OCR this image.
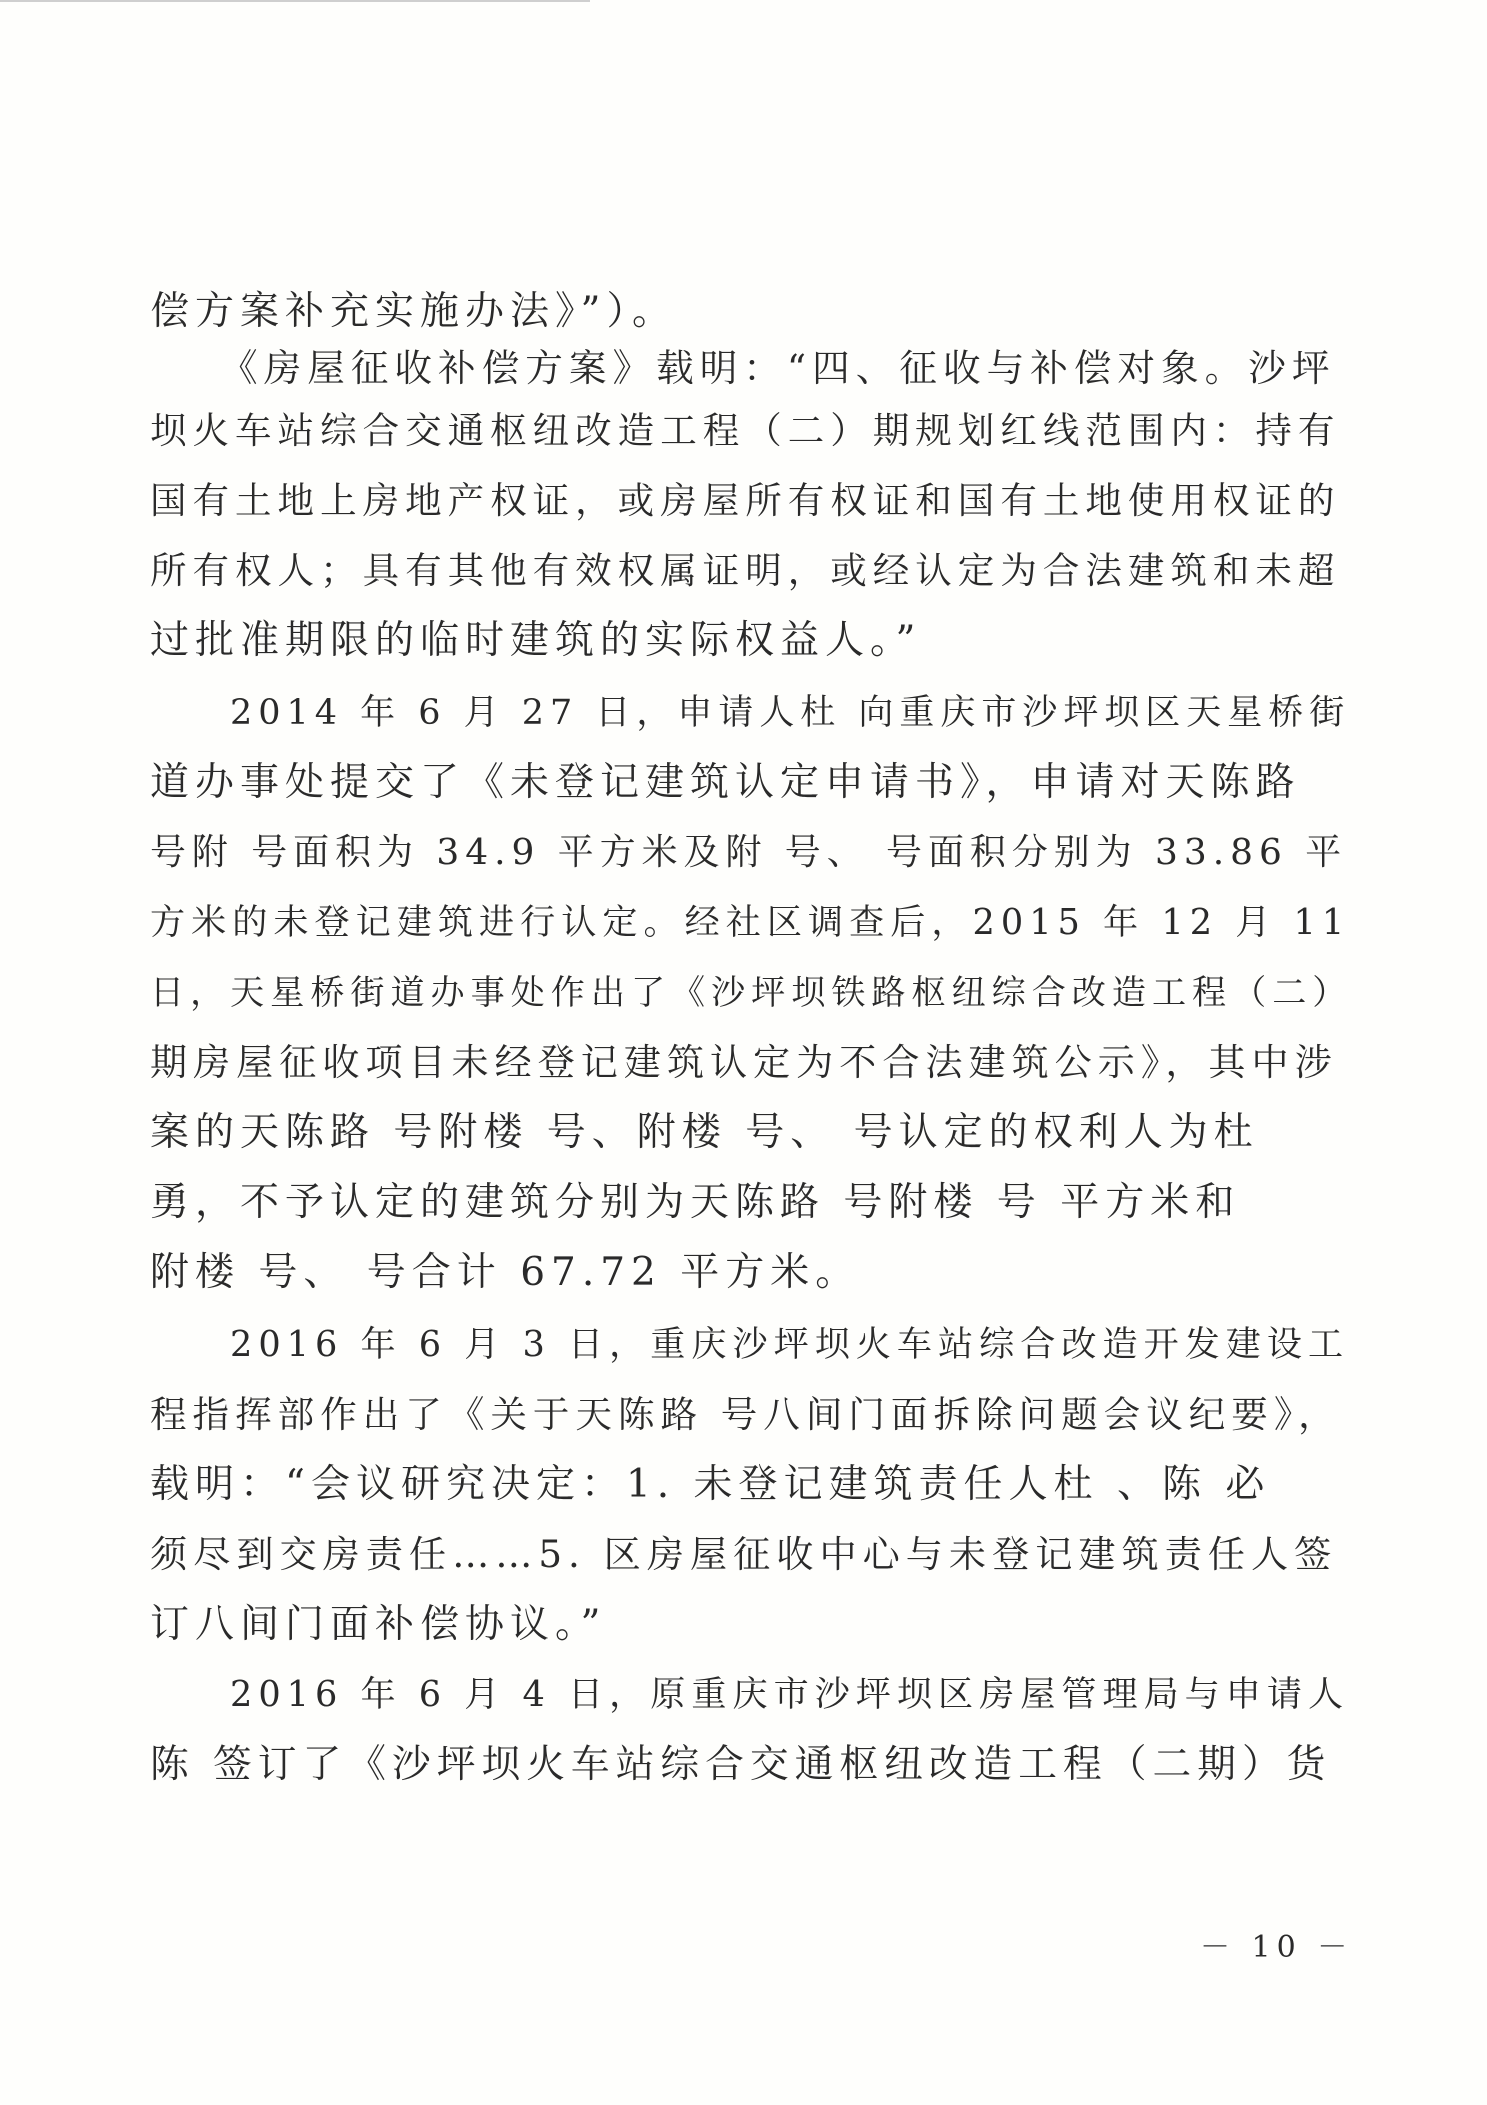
偿方案补充实施办法》”）。
《房屋征收补偿方案》载明：“四、征收与补偿对象。沙坪
坝火车站综合交通枢纽改造工程（二）期规划红线范围内：持有
国有土地上房地产权证，或房屋所有权证和国有土地使用权证的
所有权人；具有其他有效权属证明，或经认定为合法建筑和未超
过批准期限的临时建筑的实际权益人。”
2014 年 6 月 27 日，申请人杜 向重庆市沙坪坝区天星桥街
道办事处提交了《未登记建筑认定申请书》，申请对天陈路
号附 号面积为 34.9 平方米及附 号、 号面积分别为 33.86 平
方米的未登记建筑进行认定。经社区调查后，2015 年 12 月 11
日，天星桥街道办事处作出了《沙坪坝铁路枢纽综合改造工程（二）
期房屋征收项目未经登记建筑认定为不合法建筑公示》，其中涉
案的天陈路 号附楼 号、附楼 号、 号认定的权利人为杜
勇，不予认定的建筑分别为天陈路 号附楼 号 平方米和
附楼 号、 号合计 67.72 平方米。
2016 年 6 月 3 日，重庆沙坪坝火车站综合改造开发建设工
程指挥部作出了《关于天陈路 号八间门面拆除问题会议纪要》，
载明：“会议研究决定：1. 未登记建筑责任人杜 、陈 必
须尽到交房责任……5. 区房屋征收中心与未登记建筑责任人签
订八间门面补偿协议。”
2016 年 6 月 4 日，原重庆市沙坪坝区房屋管理局与申请人
陈 签订了《沙坪坝火车站综合交通枢纽改造工程（二期）货
－ 10 －
